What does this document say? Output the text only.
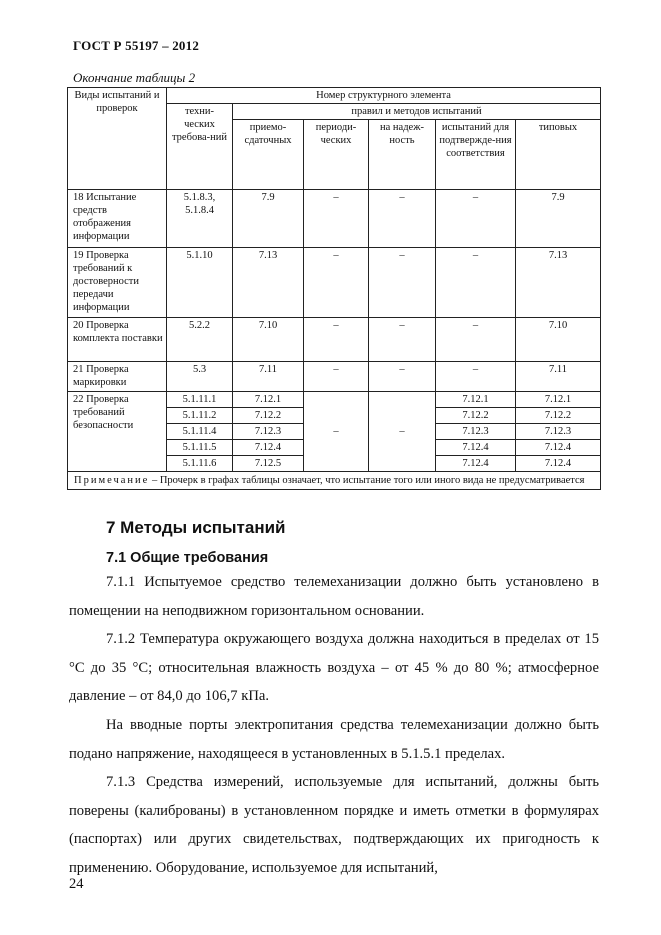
ГОСТ Р 55197 – 2012
Окончание таблицы 2
Виды испытаний и проверок	Номер структурного элемента					
	техни-ческих требова-ний	правил и методов испытаний				
		приемо-сдаточных	периоди-ческих	на надеж-ность	испытаний для подтвержде-ния соответствия	типовых
18 Испытание средств отображения информации	5.1.8.3, 5.1.8.4	7.9	–	–	–	7.9
19 Проверка требований к достоверности передачи информации	5.1.10	7.13	–	–	–	7.13
20 Проверка комплекта поставки	5.2.2	7.10	–	–	–	7.10
21 Проверка маркировки	5.3	7.11	–	–	–	7.11
22 Проверка требований безопасности	5.1.11.1	7.12.1	–	–	7.12.1	7.12.1
	5.1.11.2	7.12.2			7.12.2	7.12.2
	5.1.11.4	7.12.3			7.12.3	7.12.3
	5.1.11.5	7.12.4			7.12.4	7.12.4
	5.1.11.6	7.12.5			7.12.4	7.12.4
Примечание – Прочерк в графах таблицы означает, что испытание того или иного вида не предусматривается						
7 Методы испытаний
7.1 Общие требования

7.1.1 Испытуемое средство телемеханизации должно быть установлено в помещении на неподвижном горизонтальном основании.

7.1.2 Температура окружающего воздуха должна находиться в пределах от 15 °C до 35 °C; относительная влажность воздуха – от 45 % до 80 %; атмосферное давление – от 84,0 до 106,7 кПа.

На вводные порты электропитания средства телемеханизации должно быть подано напряжение, находящееся в установленных в 5.1.5.1 пределах.

7.1.3 Средства измерений, используемые для испытаний, должны быть поверены (калиброваны) в установленном порядке и иметь отметки в формулярах (паспортах) или других свидетельствах, подтверждающих их пригодность к применению. Оборудование, используемое для испытаний,

24
